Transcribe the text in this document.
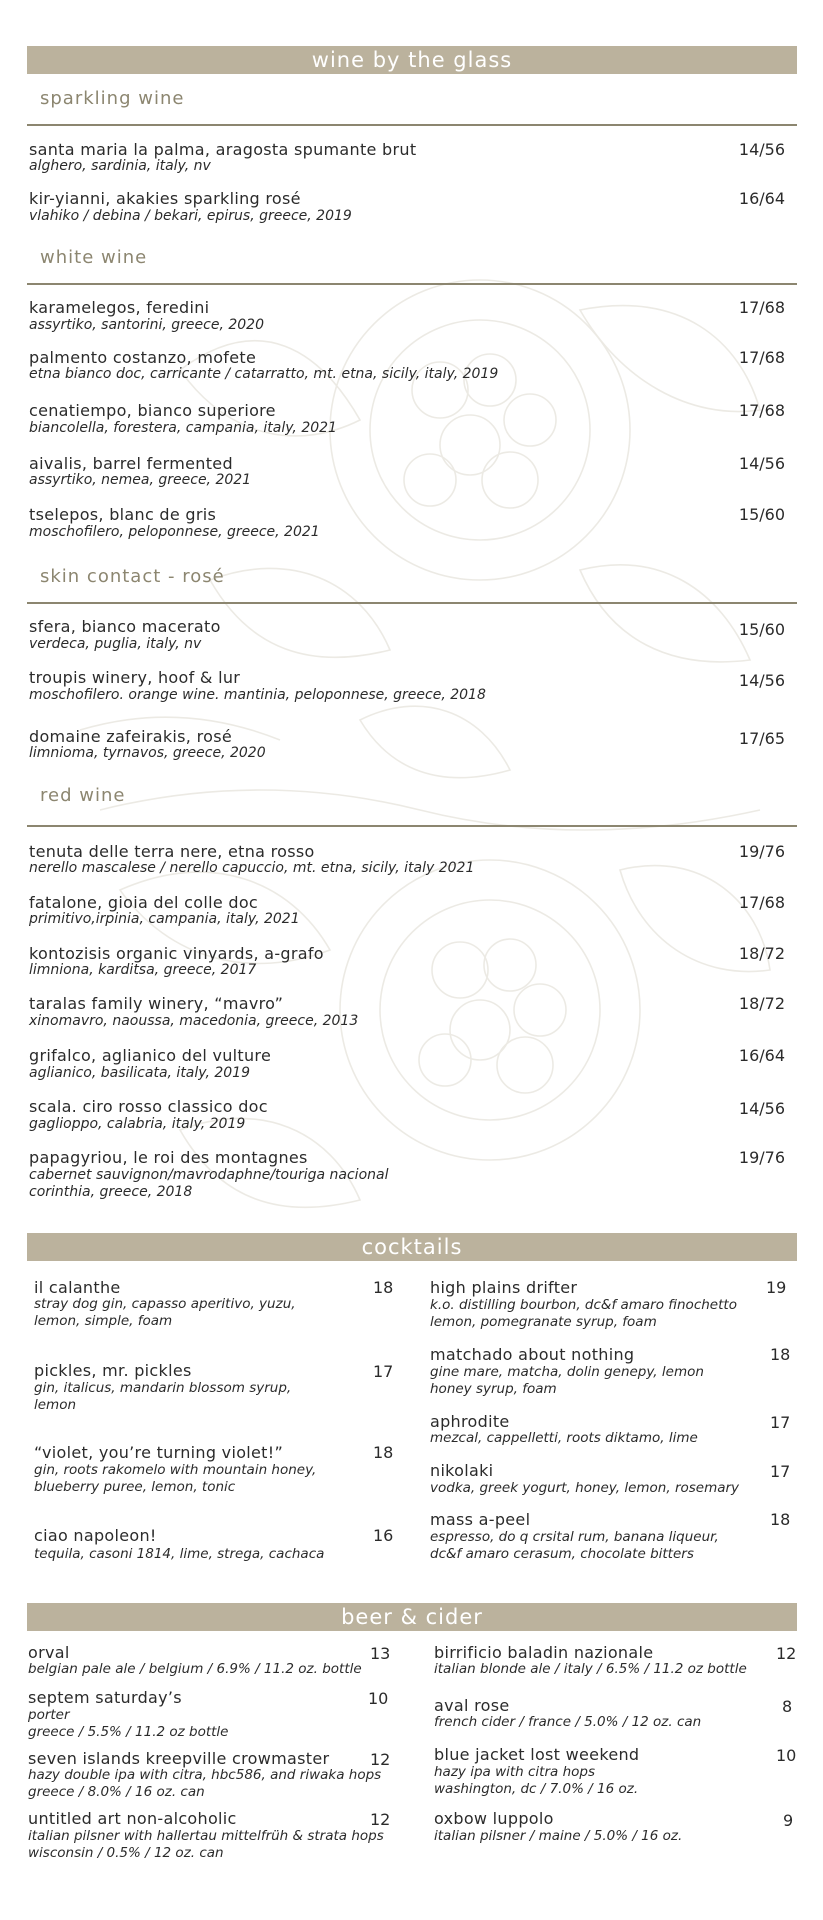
wine by the glass
sparkling wine
santa maria la palma, aragosta spumante brut
alghero, sardinia, italy, nv
14/56
kir-yianni, akakies sparkling rosé
vlahiko / debina / bekari, epirus, greece, 2019
16/64
white wine
karamelegos, feredini
assyrtiko, santorini, greece, 2020
17/68
palmento costanzo, mofete
etna bianco doc, carricante / catarratto, mt. etna, sicily, italy, 2019
17/68
cenatiempo, bianco superiore
biancolella, forestera, campania, italy, 2021
17/68
aivalis, barrel fermented
assyrtiko, nemea, greece, 2021
14/56
tselepos, blanc de gris
moschofilero, peloponnese, greece, 2021
15/60
skin contact - rosé
sfera, bianco macerato
verdeca, puglia, italy, nv
15/60
troupis winery, hoof & lur
moschofilero. orange wine. mantinia, peloponnese, greece, 2018
14/56
domaine zafeirakis, rosé
limnioma, tyrnavos, greece, 2020
17/65
red wine
tenuta delle terra nere, etna rosso
nerello mascalese / nerello capuccio, mt. etna, sicily, italy 2021
19/76
fatalone, gioia del colle doc
primitivo,irpinia, campania, italy, 2021
17/68
kontozisis organic vinyards, a-grafo
limniona, karditsa, greece, 2017
18/72
taralas family winery, “mavro”
xinomavro, naoussa, macedonia, greece, 2013
18/72
grifalco, aglianico del vulture
aglianico, basilicata, italy, 2019
16/64
scala. ciro rosso classico doc
gaglioppo, calabria, italy, 2019
14/56
papagyriou, le roi des montagnes
cabernet sauvignon/mavrodaphne/touriga nacional
corinthia, greece, 2018
19/76
cocktails
il calanthe
stray dog gin, capasso aperitivo, yuzu,
lemon, simple, foam
18
pickles, mr. pickles
gin, italicus, mandarin blossom syrup,
lemon
17
“violet, you’re turning violet!”
gin, roots rakomelo with mountain honey,
blueberry puree, lemon, tonic
18
ciao napoleon!
tequila, casoni 1814, lime, strega, cachaca
16
high plains drifter
k.o. distilling bourbon, dc&f amaro finochetto
lemon, pomegranate syrup, foam
19
matchado about nothing
gine mare, matcha, dolin genepy, lemon
honey syrup, foam
18
aphrodite
mezcal, cappelletti, roots diktamo, lime
17
nikolaki
vodka, greek yogurt, honey, lemon, rosemary
17
mass a-peel
espresso, do q crsital rum, banana liqueur,
dc&f amaro cerasum, chocolate bitters
18
beer & cider
orval
belgian pale ale / belgium / 6.9% / 11.2 oz. bottle
13
septem saturday’s
porter
greece / 5.5% / 11.2 oz bottle
10
seven islands kreepville crowmaster
hazy double ipa with citra, hbc586, and riwaka hops
greece / 8.0% / 16 oz. can
12
untitled art non-alcoholic
italian pilsner with hallertau mittelfrüh & strata hops
wisconsin / 0.5% / 12 oz. can
12
birrificio baladin nazionale
italian blonde ale / italy / 6.5% / 11.2 oz bottle
12
aval rose
french cider / france / 5.0% / 12 oz. can
8
blue jacket lost weekend
hazy ipa with citra hops
washington, dc / 7.0% / 16 oz.
10
oxbow luppolo
italian pilsner / maine / 5.0% / 16 oz.
9
